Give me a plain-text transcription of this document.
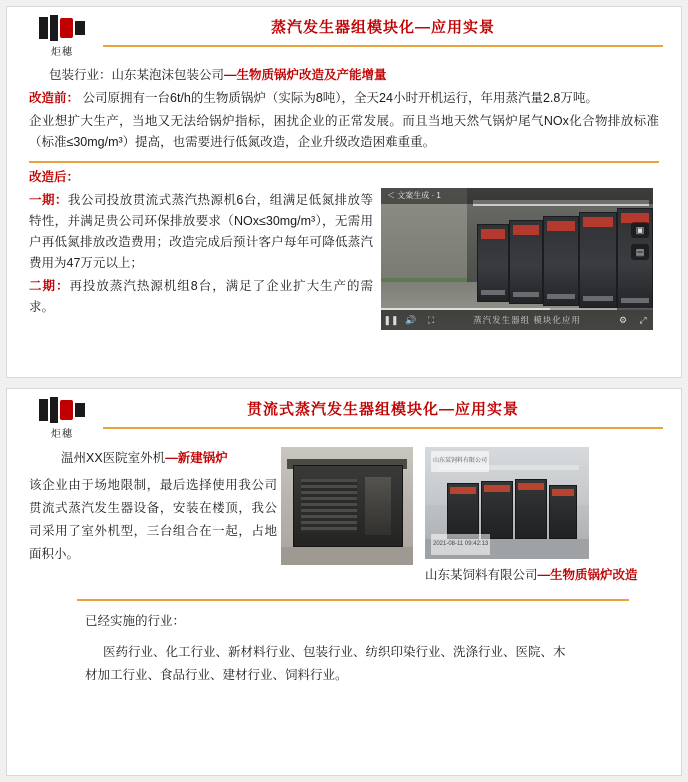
炬穗
蒸汽发生器组模块化—应用实景
包装行业：山东某泡沫包装公司—生物质锅炉改造及产能增量
改造前： 公司原拥有一台6t/h的生物质锅炉（实际为8吨），全天24小时开机运行，年用蒸汽量2.8万吨。
企业想扩大生产，当地又无法给锅炉指标，困扰企业的正常发展。而且当地天然气锅炉尾气NOx化合物排放标准（标准≤30mg/m³）提高，也需要进行低氮改造，企业升级改造困难重重。
改造后：
一期：我公司投放贯流式蒸汽热源机6台，组满足低氮排放等特性，并满足贵公司环保排放要求（NOx≤30mg/m³），无需用户再低氮排放改造费用；改造完成后预计客户每年可降低蒸汽费用为47万元以上；
二期：再投放蒸汽热源机组8台，满足了企业扩大生产的需求。
＜ 文案生成 · 1
▣
▤
❚❚ 🔊	⛶	蒸汽发生器组 模块化应用	⚙	⤢
炬穗
贯流式蒸汽发生器组模块化—应用实景
温州XX医院室外机—新建锅炉
该企业由于场地限制，最后选择使用我公司贯流式蒸汽发生器设备，安装在楼顶，我公司采用了室外机型，三台组合在一起，占地面积小。
山东某饲料有限公司
2021-08-11 09:42:13
山东某饲料有限公司—生物质锅炉改造
已经实施的行业：
医药行业、化工行业、新材料行业、包装行业、纺织印染行业、洗涤行业、医院、木
材加工行业、食品行业、建材行业、饲料行业。
